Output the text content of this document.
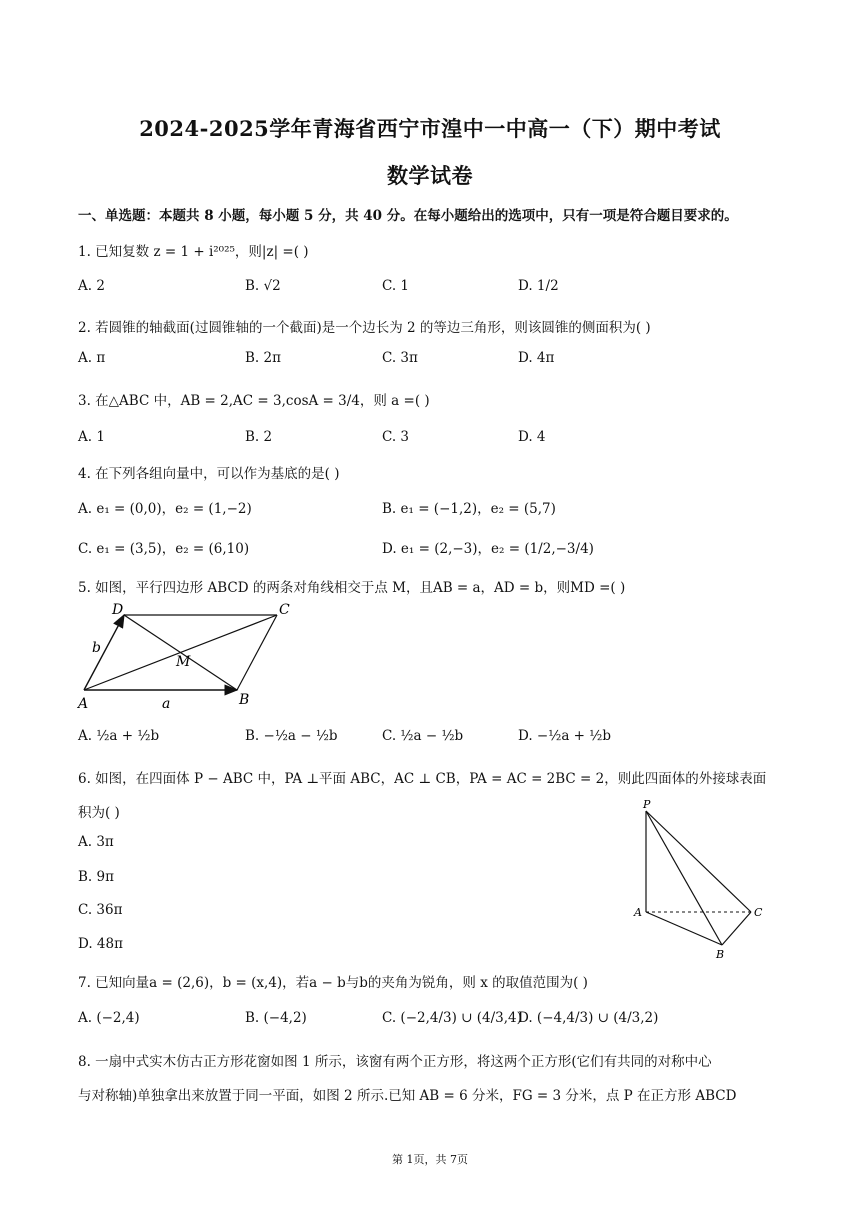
2024-2025学年青海省西宁市湟中一中高一（下）期中考试
数学试卷
一、单选题：本题共 8 小题，每小题 5 分，共 40 分。在每小题给出的选项中，只有一项是符合题目要求的。
1. 已知复数 z = 1 + i²⁰²⁵，则|z| =( )
A. 2	B. √2	C. 1	D. 1/2
2. 若圆锥的轴截面(过圆锥轴的一个截面)是一个边长为 2 的等边三角形，则该圆锥的侧面积为( )
A. π	B. 2π	C. 3π	D. 4π
3. 在△ABC 中，AB = 2,AC = 3,cosA = 3/4，则 a =( )
A. 1	B. 2	C. 3	D. 4
4. 在下列各组向量中，可以作为基底的是( )
A. e₁ = (0,0)，e₂ = (1,−2)	B. e₁ = (−1,2)，e₂ = (5,7)
C. e₁ = (3,5)，e₂ = (6,10)	D. e₁ = (2,−3)，e₂ = (1/2,−3/4)
5. 如图，平行四边形 ABCD 的两条对角线相交于点 M，且AB = a，AD = b，则MD =( )
D	C
A	B
M
a
b
A. ½a + ½b	B. −½a − ½b	C. ½a − ½b	D. −½a + ½b
6. 如图，在四面体 P − ABC 中，PA ⊥平面 ABC，AC ⊥ CB，PA = AC = 2BC = 2，则此四面体的外接球表面
积为( )
A. 3π
B. 9π
C. 36π
D. 48π
P
A	C
B
7. 已知向量a = (2,6)，b = (x,4)，若a − b与b的夹角为锐角，则 x 的取值范围为( )
A. (−2,4)	B. (−4,2)	C. (−2,4/3) ∪ (4/3,4)
D. (−4,4/3) ∪ (4/3,2)
8. 一扇中式实木仿古正方形花窗如图 1 所示，该窗有两个正方形，将这两个正方形(它们有共同的对称中心
与对称轴)单独拿出来放置于同一平面，如图 2 所示.已知 AB = 6 分米，FG = 3 分米，点 P 在正方形 ABCD
第 1页，共 7页
